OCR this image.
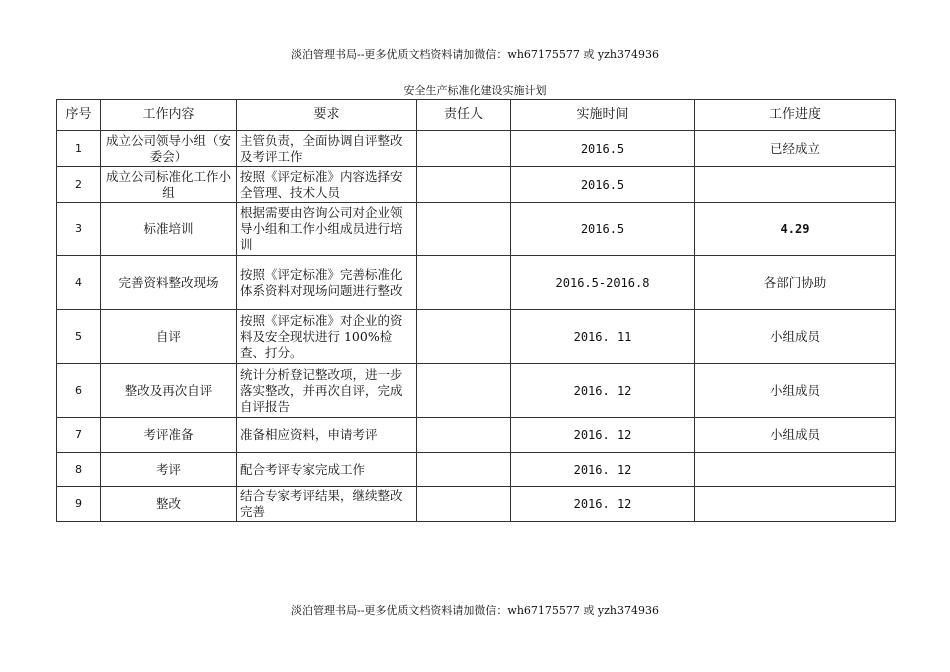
淡泊管理书局--更多优质文档资料请加微信：wh67175577 或 yzh374936
安全生产标准化建设实施计划
序号	工作内容	要求	责任人	实施时间	工作进度
1	成立公司领导小组（安委会）	主管负责，全面协调自评整改及考评工作		2016.5	已经成立
2	成立公司标准化工作小组	按照《评定标准》内容选择安全管理、技术人员		2016.5	
3	标准培训	根据需要由咨询公司对企业领导小组和工作小组成员进行培训		2016.5	4.29
4	完善资料整改现场	按照《评定标准》完善标准化体系资料对现场问题进行整改		2016.5-2016.8	各部门协助
5	自评	按照《评定标准》对企业的资料及安全现状进行 100%检查、打分。		2016. 11	小组成员
6	整改及再次自评	统计分析登记整改项，进一步落实整改，并再次自评，完成自评报告		2016. 12	小组成员
7	考评准备	准备相应资料，申请考评		2016. 12	小组成员
8	考评	配合考评专家完成工作		2016. 12	
9	整改	结合专家考评结果，继续整改完善		2016. 12	
淡泊管理书局--更多优质文档资料请加微信：wh67175577 或 yzh374936
